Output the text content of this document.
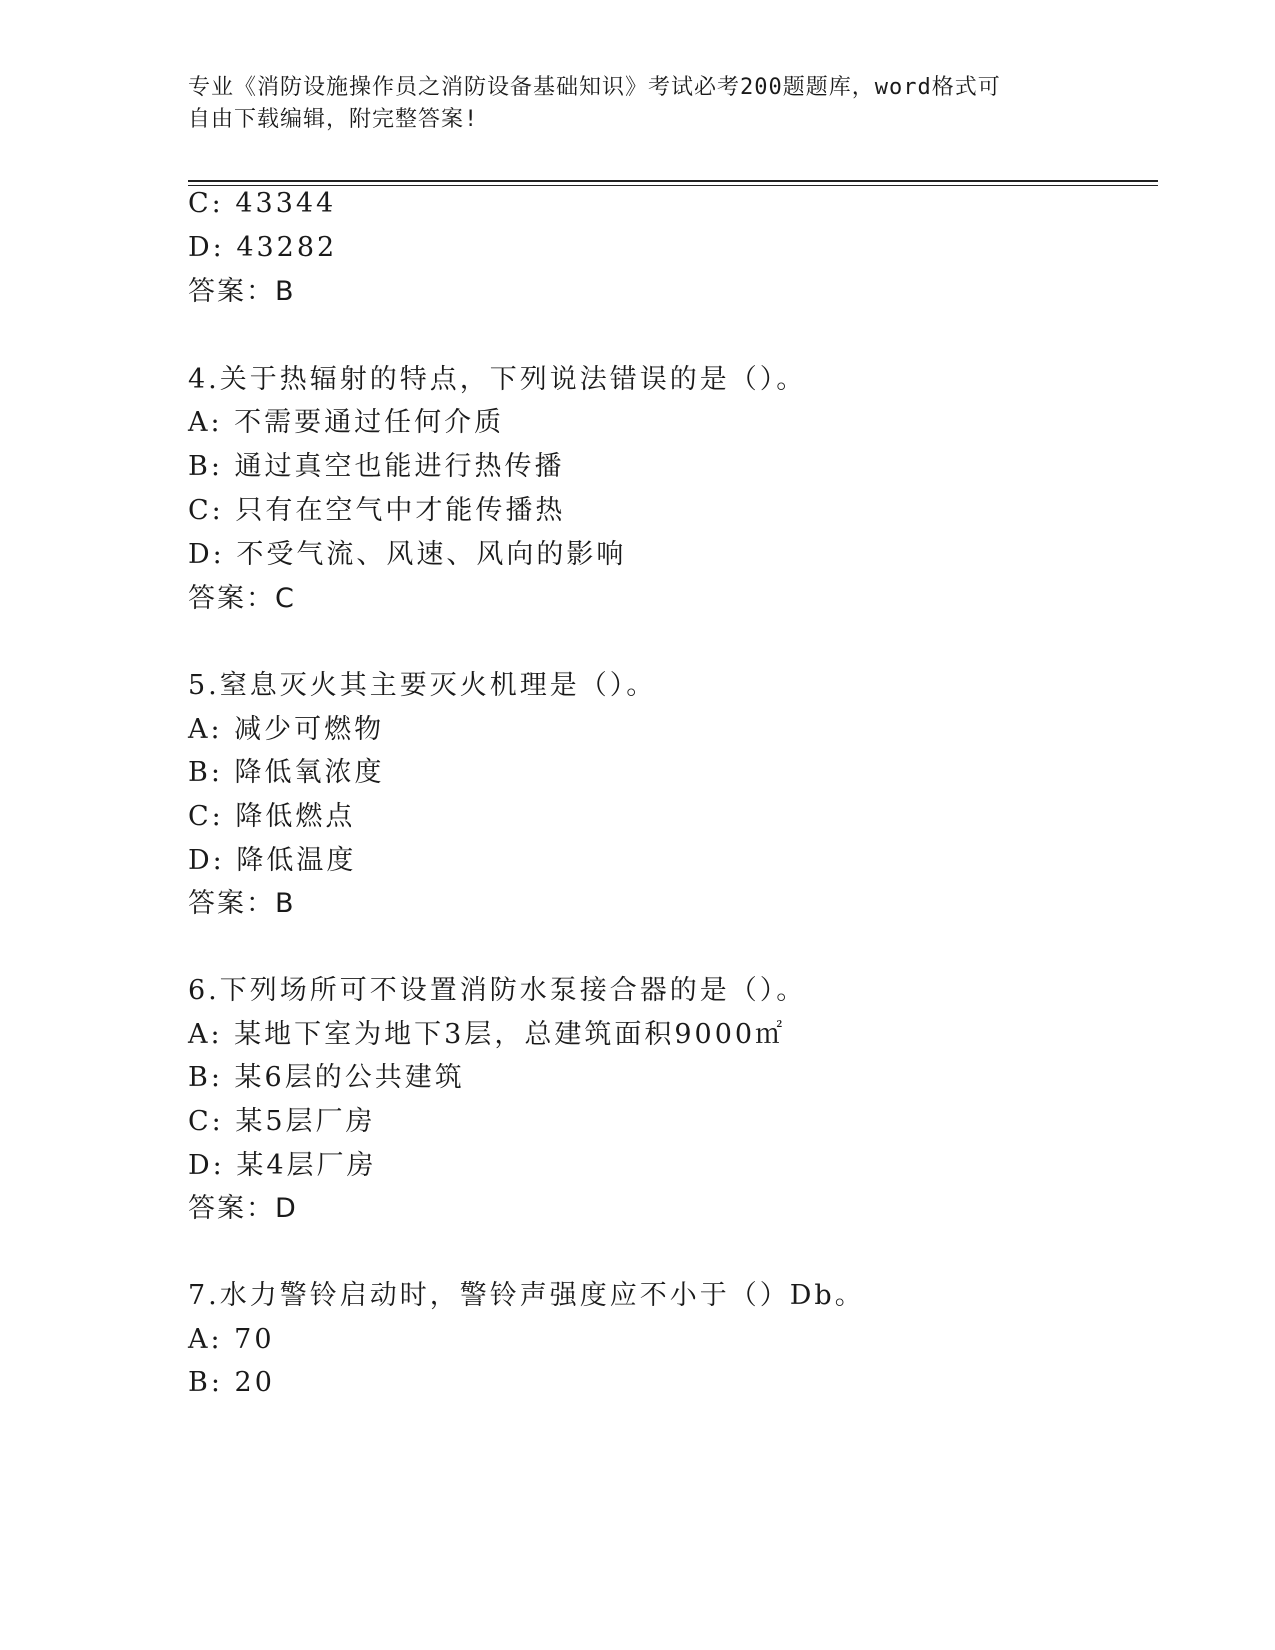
专业《消防设施操作员之消防设备基础知识》考试必考200题题库，word格式可
自由下载编辑，附完整答案!
C: 43344
D: 43282
答案：B
4.关于热辐射的特点，下列说法错误的是（）。
A: 不需要通过任何介质
B: 通过真空也能进行热传播
C: 只有在空气中才能传播热
D: 不受气流、风速、风向的影响
答案：C
5.窒息灭火其主要灭火机理是（）。
A: 减少可燃物
B: 降低氧浓度
C: 降低燃点
D: 降低温度
答案：B
6.下列场所可不设置消防水泵接合器的是（）。
A: 某地下室为地下3层，总建筑面积9000㎡
B: 某6层的公共建筑
C: 某5层厂房
D: 某4层厂房
答案：D
7.水力警铃启动时，警铃声强度应不小于（）Db。
A: 70
B: 20
